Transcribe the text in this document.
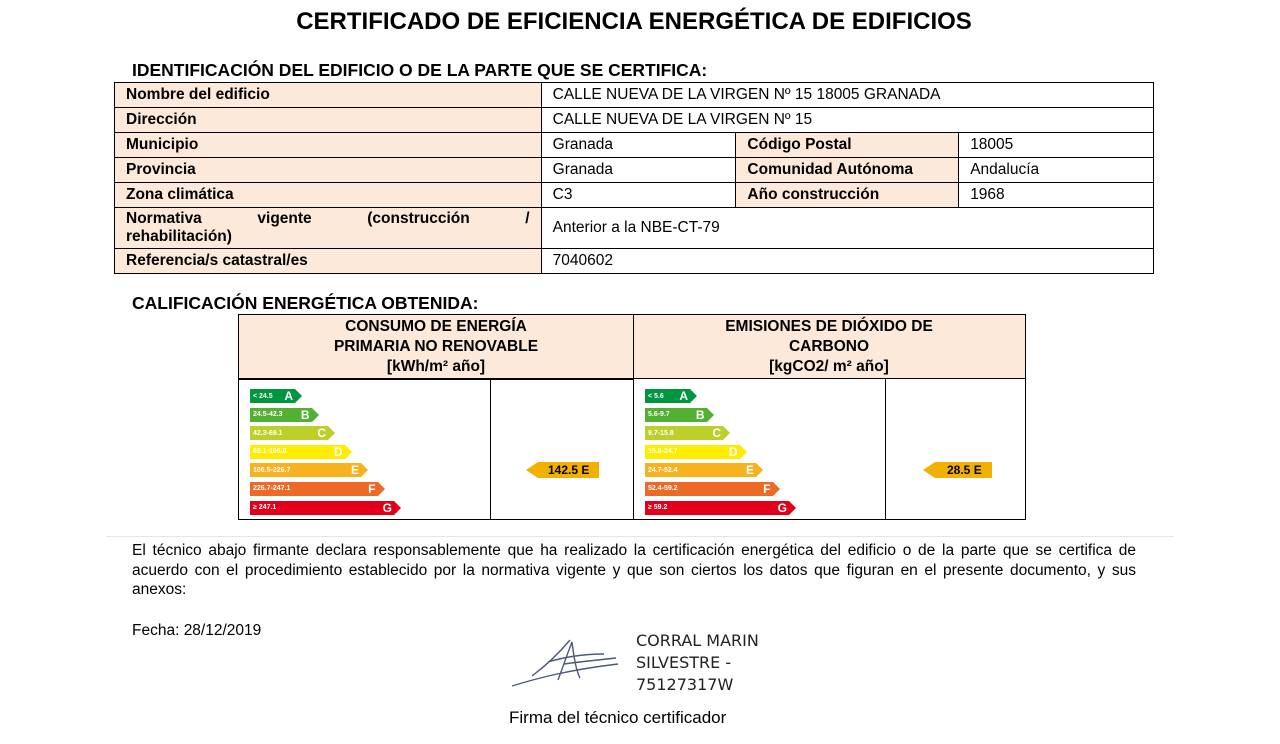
CERTIFICADO DE EFICIENCIA ENERGÉTICA DE EDIFICIOS
IDENTIFICACIÓN DEL EDIFICIO O DE LA PARTE QUE SE CERTIFICA:
Nombre del edificio	CALLE NUEVA DE LA VIRGEN Nº 15 18005 GRANADA		
Dirección	CALLE NUEVA DE LA VIRGEN Nº 15		
Municipio	Granada	Código Postal	18005
Provincia	Granada	Comunidad Autónoma	Andalucía
Zona climática	C3	Año construcción	1968

Normativa vigente (construcción /
rehabilitación)	Anterior a la NBE-CT-79		
Referencia/s catastral/es	7040602		
CALIFICACIÓN ENERGÉTICA OBTENIDA:
CONSUMO DE ENERGÍA
PRIMARIA NO RENOVABLE
[kWh/m² año]
EMISIONES DE DIÓXIDO DE
CARBONO
[kgCO2/ m² año]
< 24.5 A
24.5-42.3	B
42.3-69.1	C
69.1-106.0	D
106.5-226.7	E
226.7-247.1	F
≥ 247.1	G
< 5.6	A
5.6-9.7	B
9.7-15.8	C
15.8-24.7	D
24.7-52.4	E
52.4-59.2	F
≥ 59.2	G
142.5 E	28.5 E
El técnico abajo firmante declara responsablemente que ha realizado la certificación energética del edificio o de la parte que se certifica de acuerdo con el procedimiento establecido por la normativa vigente y que son ciertos los datos que figuran en el presente documento, y sus anexos:
Fecha: 28/12/2019
CORRAL MARIN
SILVESTRE -
75127317W
Firma del técnico certificador
